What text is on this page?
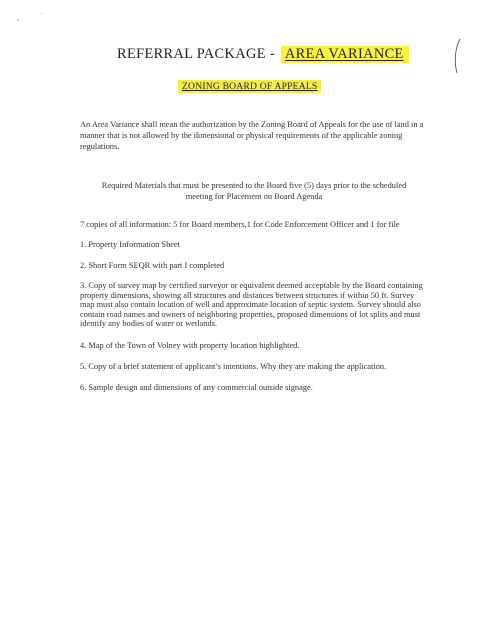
REFERRAL PACKAGE - AREA VARIANCE
ZONING BOARD OF APPEALS
An Area Variance shall mean the authorization by the Zoning Board of Appeals for the use of land in a manner that is not allowed by the dimensional or physical requirements of the applicable zoning regulations.
Required Materials that must be presented to the Board five (5) days prior to the scheduled meeting for Placement on Board Agenda
7 copies of all information: 5 for Board members,1 for Code Enforcement Officer and 1 for file
1. Property Information Sheet
2. Short Form SEQR with part I completed
3. Copy of survey map by certified surveyor or equivalent deemed acceptable by the Board containing property dimensions, showing all structures and distances between structures if within 50 ft. Survey map must also contain location of well and approximate location of septic system. Survey should also contain road names and owners of neighboring properties, proposed dimensions of lot splits and must identify any bodies of water or wetlands.
4. Map of the Town of Volney with property location highlighted.
5. Copy of a brief statement of applicant’s intentions. Why they are making the application.
6. Sample design and dimensions of any commercial outside signage.
